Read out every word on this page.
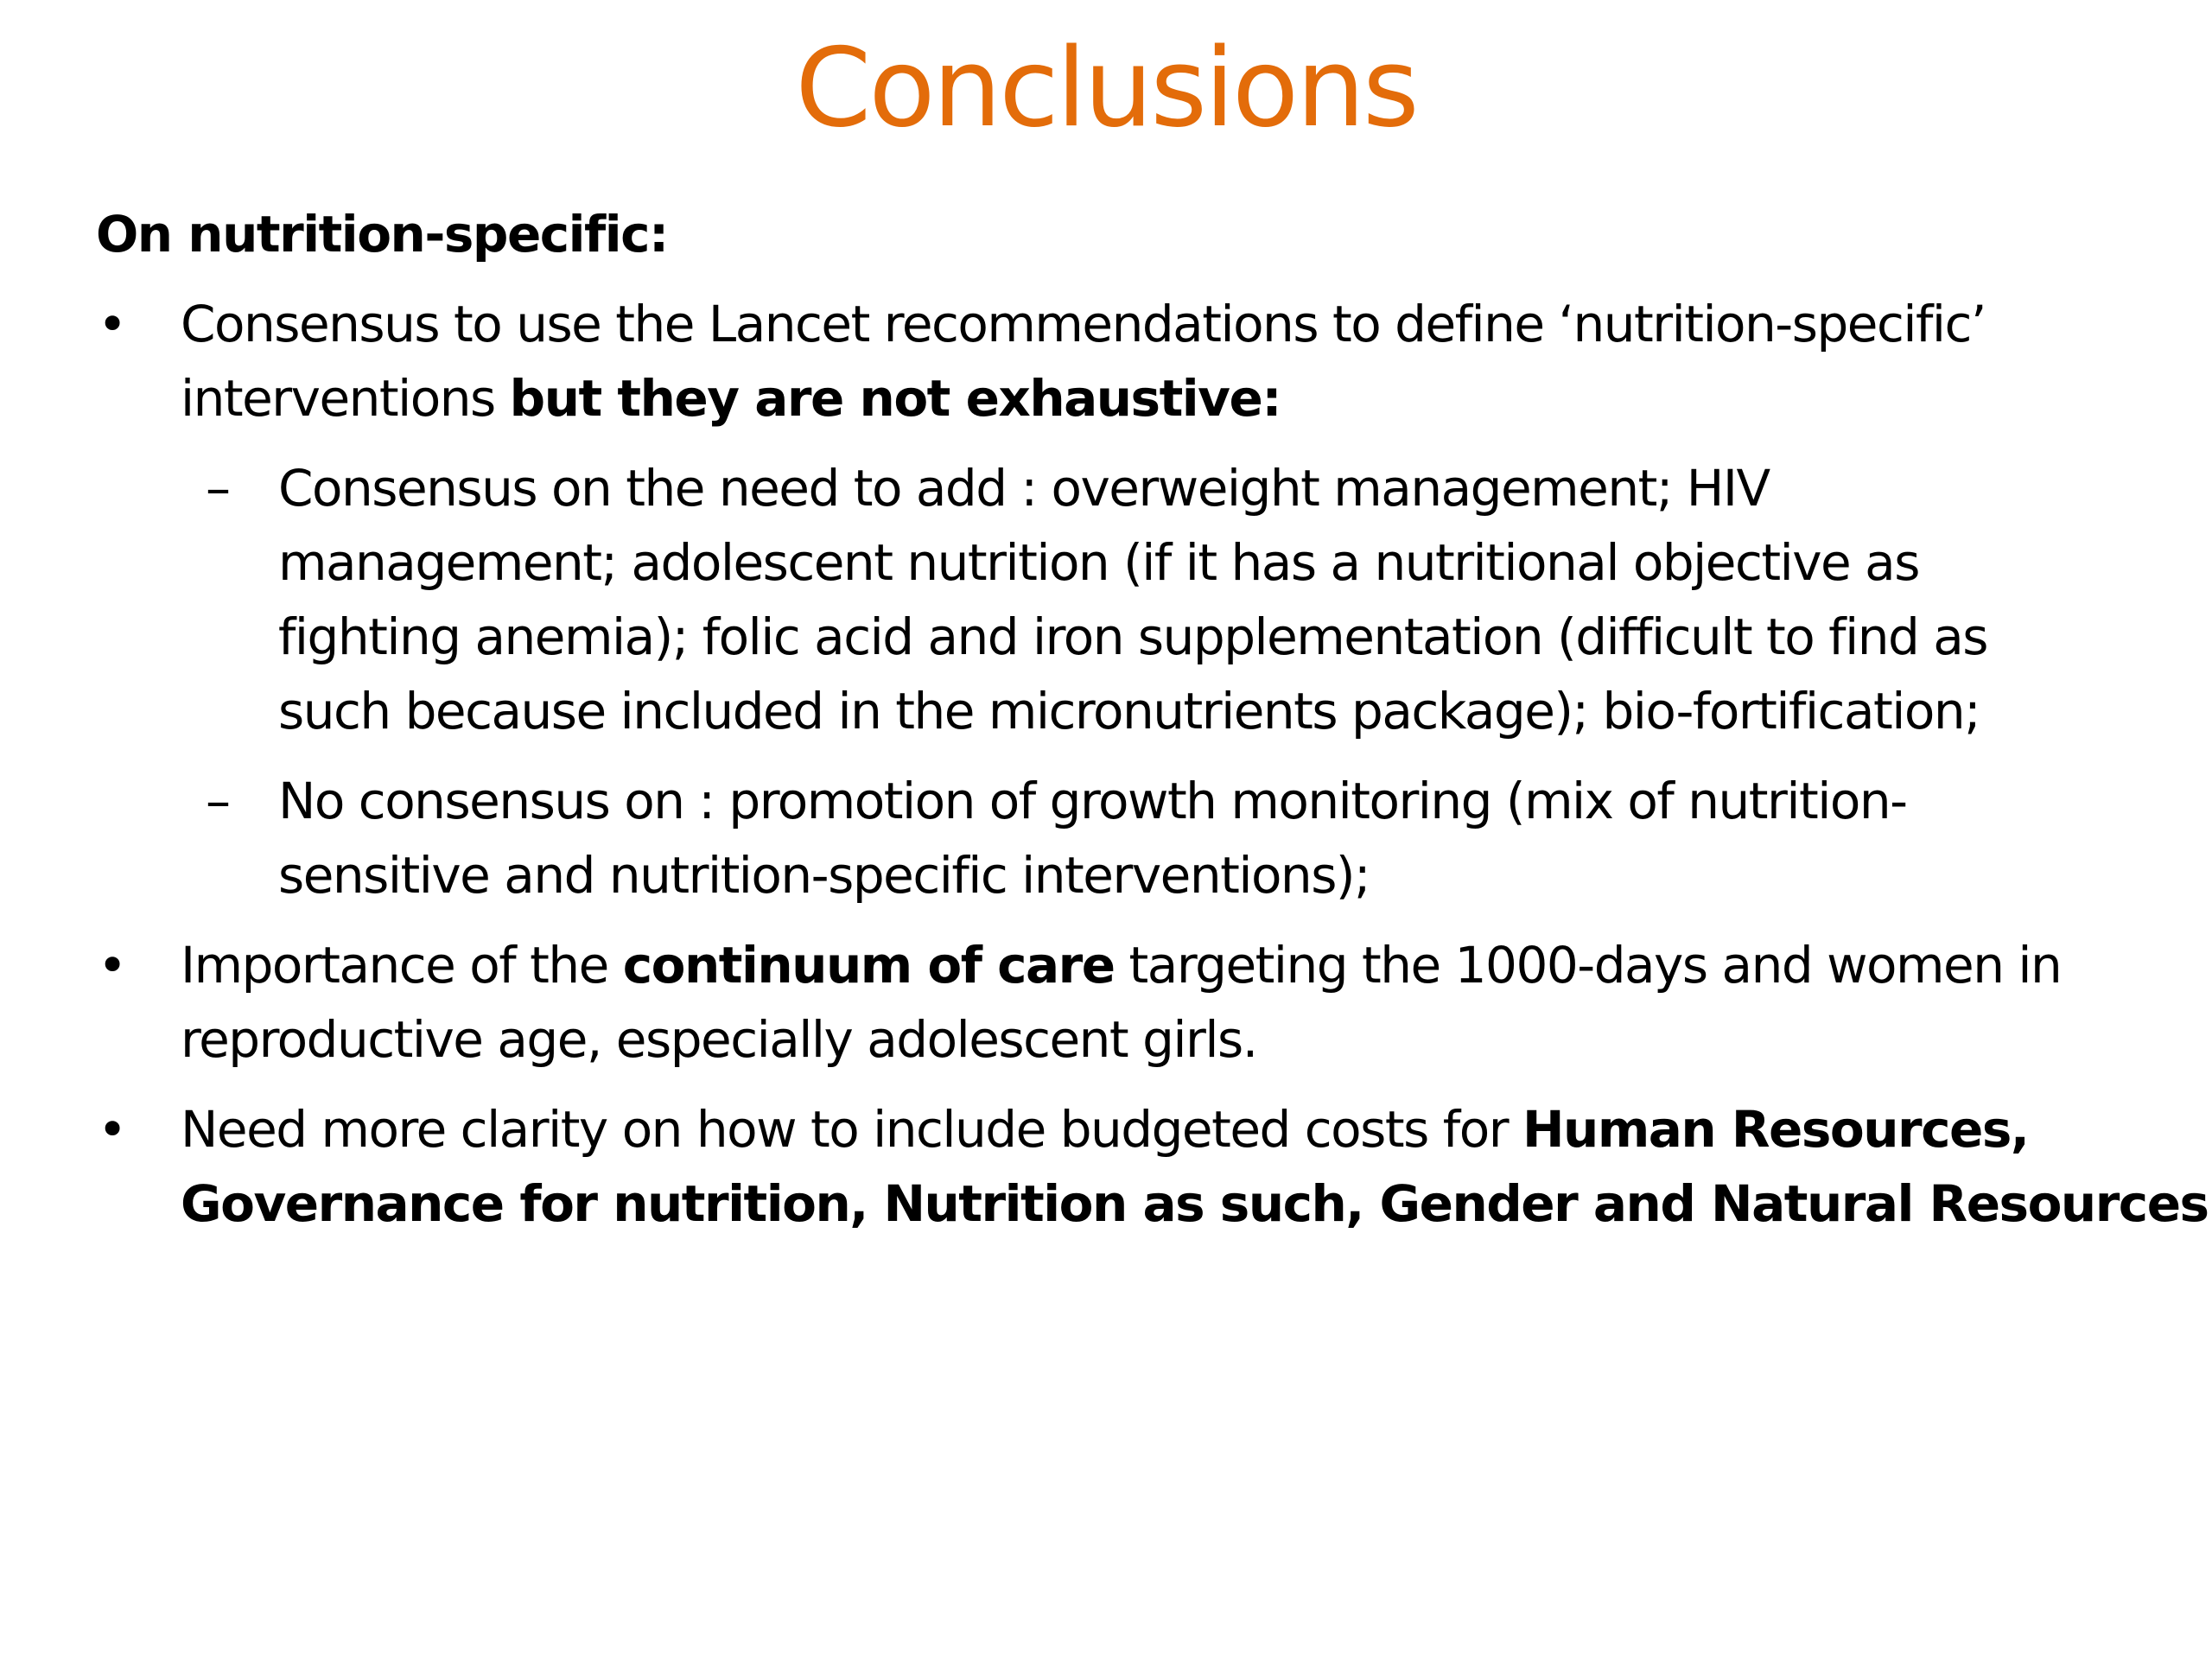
Conclusions
On nutrition-specific:
• Consensus to use the Lancet recommendations to define ‘nutrition-specific’
interventions but they are not exhaustive:
– Consensus on the need to add : overweight management; HIV
management; adolescent nutrition (if it has a nutritional objective as
fighting anemia); folic acid and iron supplementation (difficult to find as
such because included in the micronutrients package); bio-fortification;
– No consensus on : promotion of growth monitoring (mix of nutrition-
sensitive and nutrition-specific interventions);
• Importance of the continuum of care targeting the 1000-days and women in
reproductive age, especially adolescent girls.
• Need more clarity on how to include budgeted costs for Human Resources,
Governance for nutrition, Nutrition as such, Gender and Natural Resources
